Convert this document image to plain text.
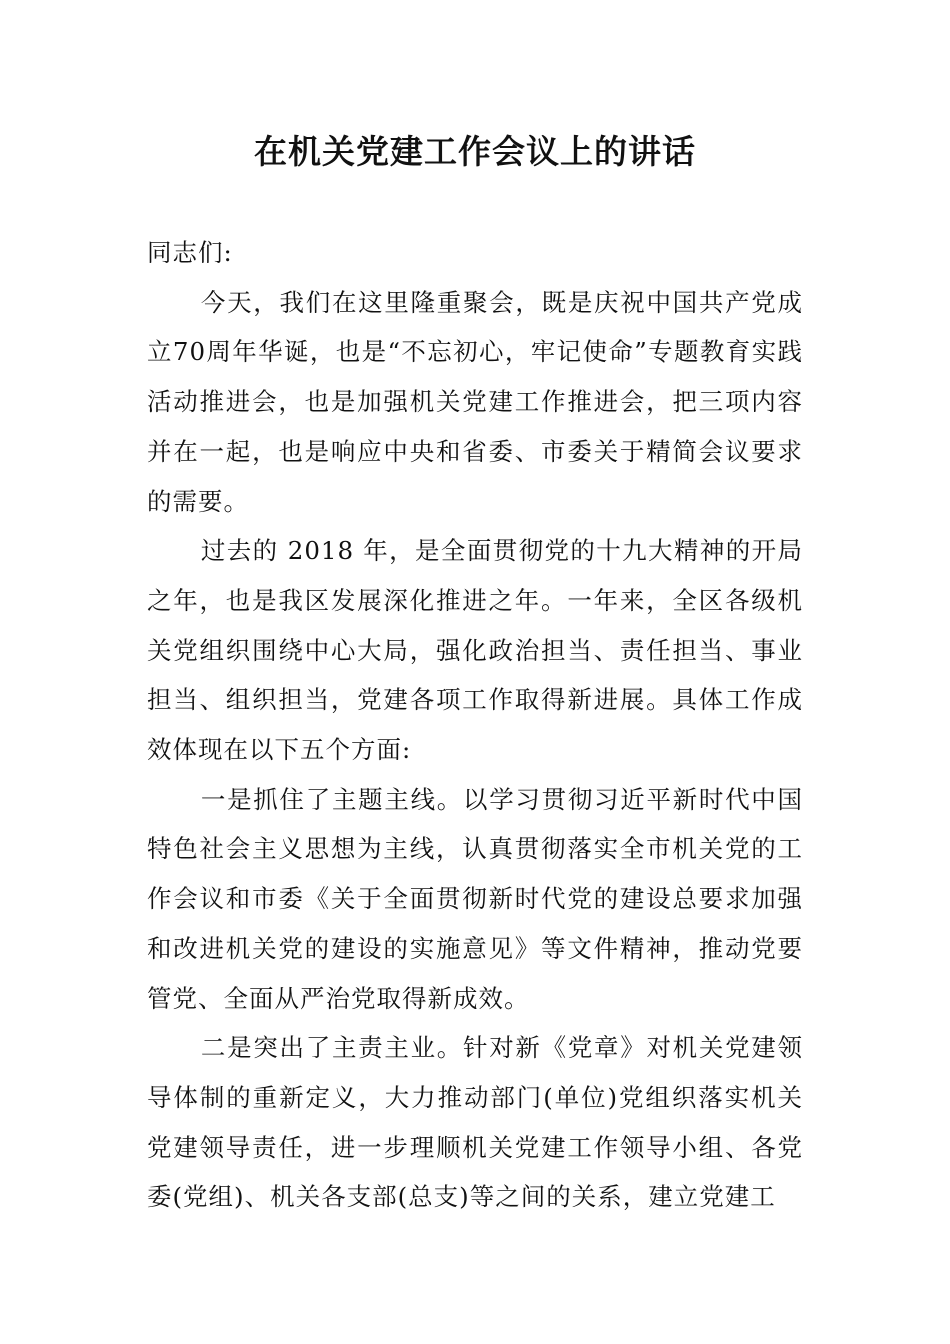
在机关党建工作会议上的讲话

同志们:

今天，我们在这里隆重聚会，既是庆祝中国共产党成立70周年华诞，也是“不忘初心，牢记使命”专题教育实践活动推进会，也是加强机关党建工作推进会，把三项内容并在一起，也是响应中央和省委、市委关于精简会议要求的需要。

过去的 2018 年，是全面贯彻党的十九大精神的开局之年，也是我区发展深化推进之年。一年来，全区各级机关党组织围绕中心大局，强化政治担当、责任担当、事业担当、组织担当，党建各项工作取得新进展。具体工作成效体现在以下五个方面:

一是抓住了主题主线。以学习贯彻习近平新时代中国特色社会主义思想为主线，认真贯彻落实全市机关党的工作会议和市委《关于全面贯彻新时代党的建设总要求加强和改进机关党的建设的实施意见》等文件精神，推动党要管党、全面从严治党取得新成效。

二是突出了主责主业。针对新《党章》对机关党建领导体制的重新定义，大力推动部门(单位)党组织落实机关党建领导责任，进一步理顺机关党建工作领导小组、各党委(党组)、机关各支部(总支)等之间的关系，建立党建工
